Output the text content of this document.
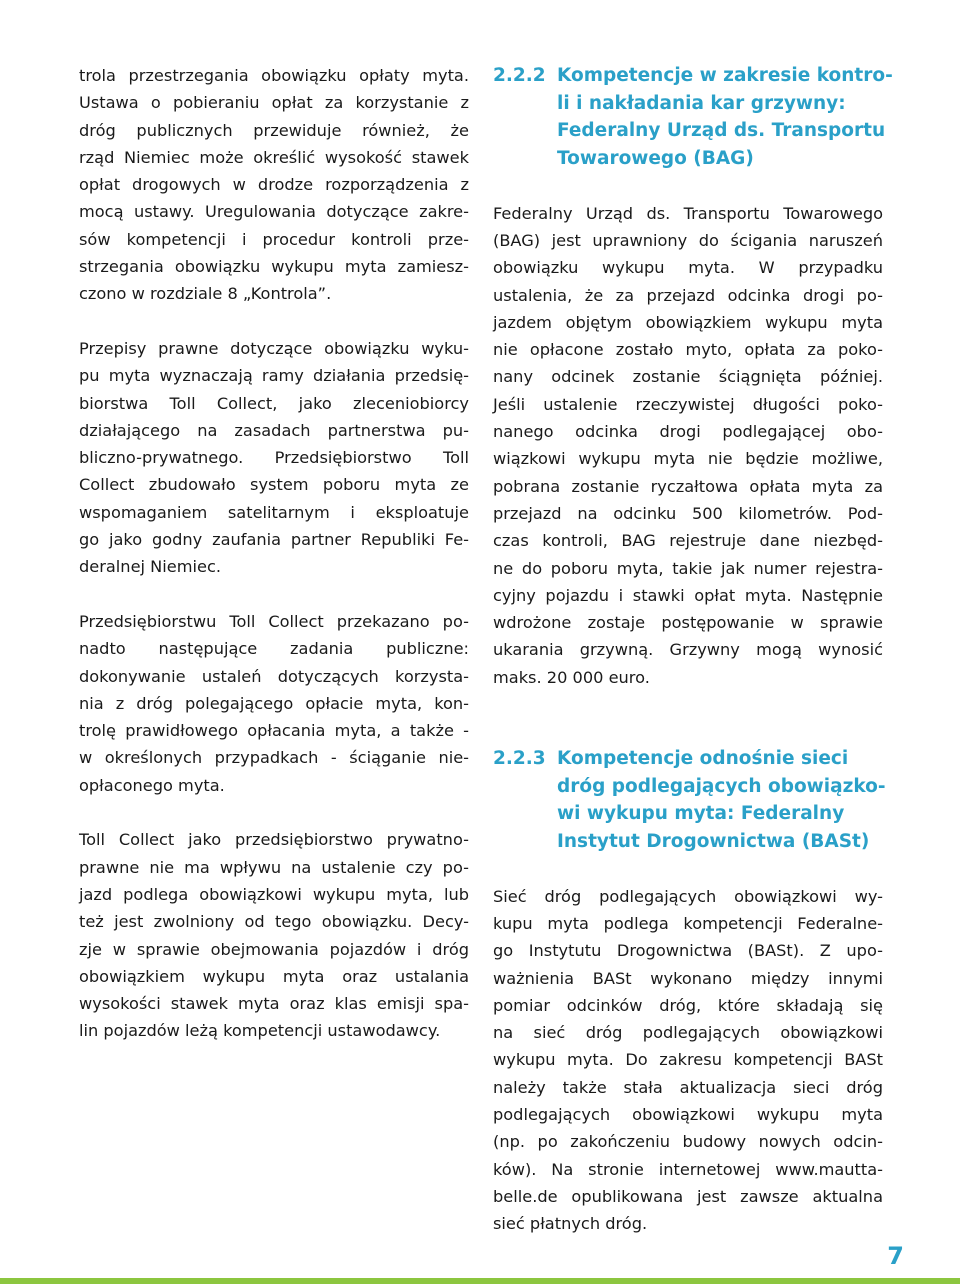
trola przestrzegania obowiązku opłaty myta.
Ustawa o pobieraniu opłat za korzystanie z
dróg publicznych przewiduje również, że
rząd Niemiec może określić wysokość stawek
opłat drogowych w drodze rozporządzenia z
mocą ustawy. Uregulowania dotyczące zakre-
sów kompetencji i procedur kontroli prze-
strzegania obowiązku wykupu myta zamiesz-
czono w rozdziale 8 „Kontrola”.
Przepisy prawne dotyczące obowiązku wyku-
pu myta wyznaczają ramy działania przedsię-
biorstwa Toll Collect, jako zleceniobiorcy
działającego na zasadach partnerstwa pu-
bliczno-prywatnego. Przedsiębiorstwo Toll
Collect zbudowało system poboru myta ze
wspomaganiem satelitarnym i eksploatuje
go jako godny zaufania partner Republiki Fe-
deralnej Niemiec.
Przedsiębiorstwu Toll Collect przekazano po-
nadto następujące zadania publiczne:
dokonywanie ustaleń dotyczących korzysta-
nia z dróg polegającego opłacie myta, kon-
trolę prawidłowego opłacania myta, a także -
w określonych przypadkach - ściąganie nie-
opłaconego myta.
Toll Collect jako przedsiębiorstwo prywatno-
prawne nie ma wpływu na ustalenie czy po-
jazd podlega obowiązkowi wykupu myta, lub
też jest zwolniony od tego obowiązku. Decy-
zje w sprawie obejmowania pojazdów i dróg
obowiązkiem wykupu myta oraz ustalania
wysokości stawek myta oraz klas emisji spa-
lin pojazdów leżą kompetencji ustawodawcy.
2.2.2 Kompetencje w zakresie kontro-
li i nakładania kar grzywny:
Federalny Urząd ds. Transportu
Towarowego (BAG)
Federalny Urząd ds. Transportu Towarowego
(BAG) jest uprawniony do ścigania naruszeń
obowiązku wykupu myta. W przypadku
ustalenia, że za przejazd odcinka drogi po-
jazdem objętym obowiązkiem wykupu myta
nie opłacone zostało myto, opłata za poko-
nany odcinek zostanie ściągnięta później.
Jeśli ustalenie rzeczywistej długości poko-
nanego odcinka drogi podlegającej obo-
wiązkowi wykupu myta nie będzie możliwe,
pobrana zostanie ryczałtowa opłata myta za
przejazd na odcinku 500 kilometrów. Pod-
czas kontroli, BAG rejestruje dane niezbęd-
ne do poboru myta, takie jak numer rejestra-
cyjny pojazdu i stawki opłat myta. Następnie
wdrożone zostaje postępowanie w sprawie
ukarania grzywną. Grzywny mogą wynosić
maks. 20 000 euro.
2.2.3 Kompetencje odnośnie sieci
dróg podlegających obowiązko-
wi wykupu myta: Federalny
Instytut Drogownictwa (BASt)
Sieć dróg podlegających obowiązkowi wy-
kupu myta podlega kompetencji Federalne-
go Instytutu Drogownictwa (BASt). Z upo-
ważnienia BASt wykonano między innymi
pomiar odcinków dróg, które składają się
na sieć dróg podlegających obowiązkowi
wykupu myta. Do zakresu kompetencji BASt
należy także stała aktualizacja sieci dróg
podlegających obowiązkowi wykupu myta
(np. po zakończeniu budowy nowych odcin-
ków). Na stronie internetowej www.mautta-
belle.de opublikowana jest zawsze aktualna
sieć płatnych dróg.
7
